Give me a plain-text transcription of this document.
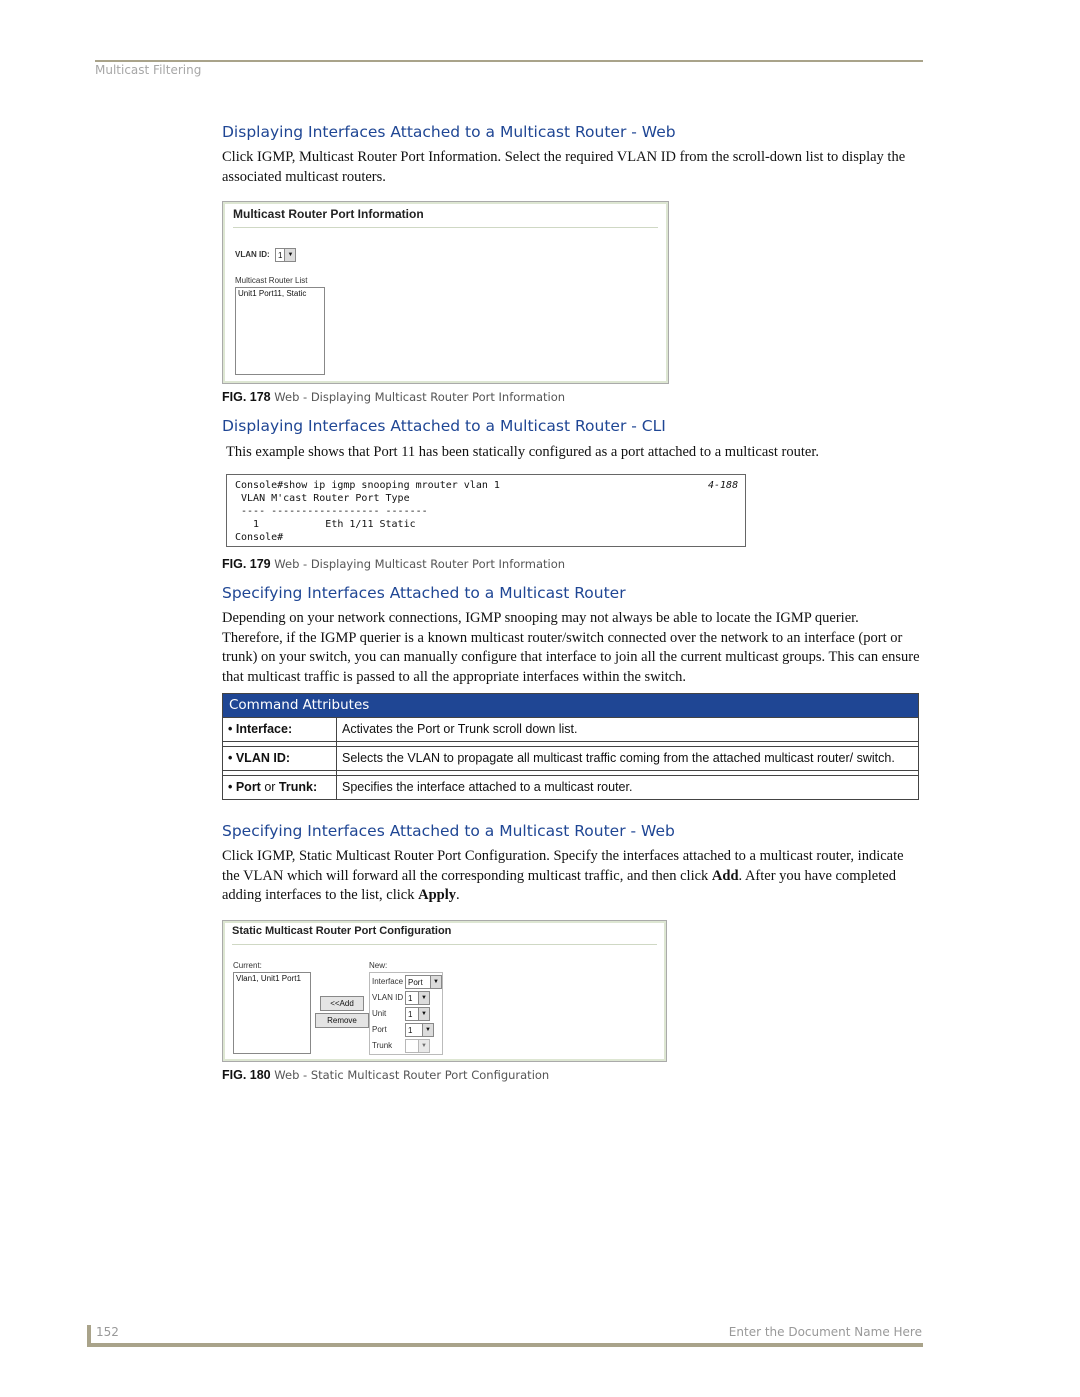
Multicast Filtering
Displaying Interfaces Attached to a Multicast Router - Web
Click IGMP, Multicast Router Port Information. Select the required VLAN ID from the scroll-down list to display the associated multicast routers.
Multicast Router Port Information
VLAN ID: 1 ▼
Multicast Router List
Unit1 Port11, Static
FIG. 178 Web - Displaying Multicast Router Port Information
Displaying Interfaces Attached to a Multicast Router - CLI
This example shows that Port 11 has been statically configured as a port attached to a multicast router.
Console#show ip igmp snooping mrouter vlan 1
VLAN M'cast Router Port Type
---- ------------------ -------
1           Eth 1/11 Static
Console#
4-188
FIG. 179 Web - Displaying Multicast Router Port Information
Specifying Interfaces Attached to a Multicast Router
Depending on your network connections, IGMP snooping may not always be able to locate the IGMP querier. Therefore, if the IGMP querier is a known multicast router/switch connected over the network to an interface (port or trunk) on your switch, you can manually configure that interface to join all the current multicast groups. This can ensure that multicast traffic is passed to all the appropriate interfaces within the switch.
Command Attributes	
• Interface:	Activates the Port or Trunk scroll down list.

• VLAN ID:	Selects the VLAN to propagate all multicast traffic coming from the attached multicast router/ switch.

• Port or Trunk:	Specifies the interface attached to a multicast router.
Specifying Interfaces Attached to a Multicast Router - Web
Click IGMP, Static Multicast Router Port Configuration. Specify the interfaces attached to a multicast router, indicate the VLAN which will forward all the corresponding multicast traffic, and then click Add. After you have completed adding interfaces to the list, click Apply.
Static Multicast Router Port Configuration
Current:
Vlan1, Unit1 Port1
<<Add
Remove
New:
Interface Port	▼
VLAN ID 1	▼
Unit	1	▼
Port	1	▼
Trunk	▼
FIG. 180 Web - Static Multicast Router Port Configuration
152	Enter the Document Name Here
